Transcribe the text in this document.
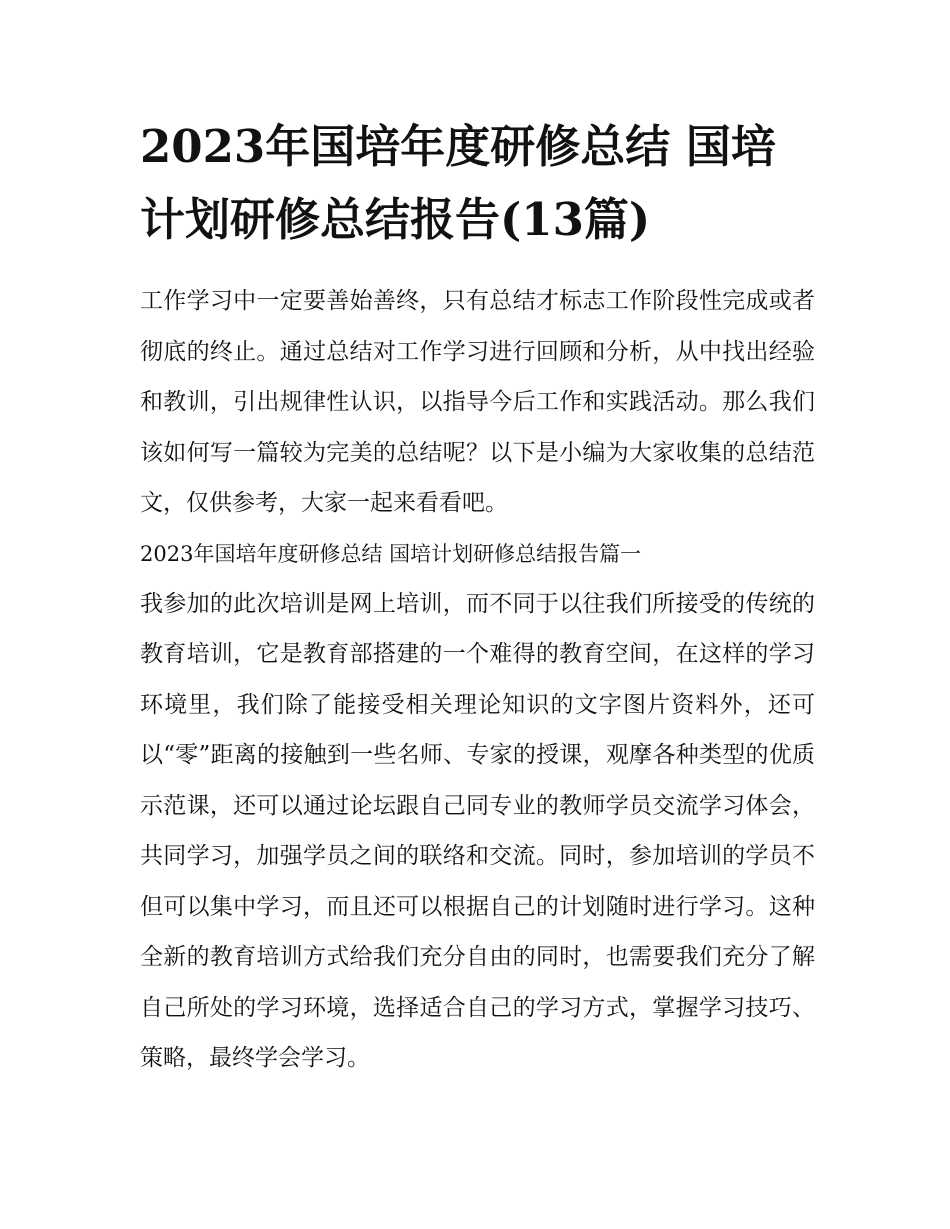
2023年国培年度研修总结 国培计划研修总结报告(13篇)

工作学习中一定要善始善终，只有总结才标志工作阶段性完成或者彻底的终止。通过总结对工作学习进行回顾和分析，从中找出经验和教训，引出规律性认识，以指导今后工作和实践活动。那么我们该如何写一篇较为完美的总结呢？以下是小编为大家收集的总结范文，仅供参考，大家一起来看看吧。

2023年国培年度研修总结 国培计划研修总结报告篇一

我参加的此次培训是网上培训，而不同于以往我们所接受的传统的教育培训，它是教育部搭建的一个难得的教育空间，在这样的学习环境里，我们除了能接受相关理论知识的文字图片资料外，还可以“零”距离的接触到一些名师、专家的授课，观摩各种类型的优质示范课，还可以通过论坛跟自己同专业的教师学员交流学习体会，共同学习，加强学员之间的联络和交流。同时，参加培训的学员不但可以集中学习，而且还可以根据自己的计划随时进行学习。这种全新的教育培训方式给我们充分自由的同时，也需要我们充分了解自己所处的学习环境，选择适合自己的学习方式，掌握学习技巧、策略，最终学会学习。
